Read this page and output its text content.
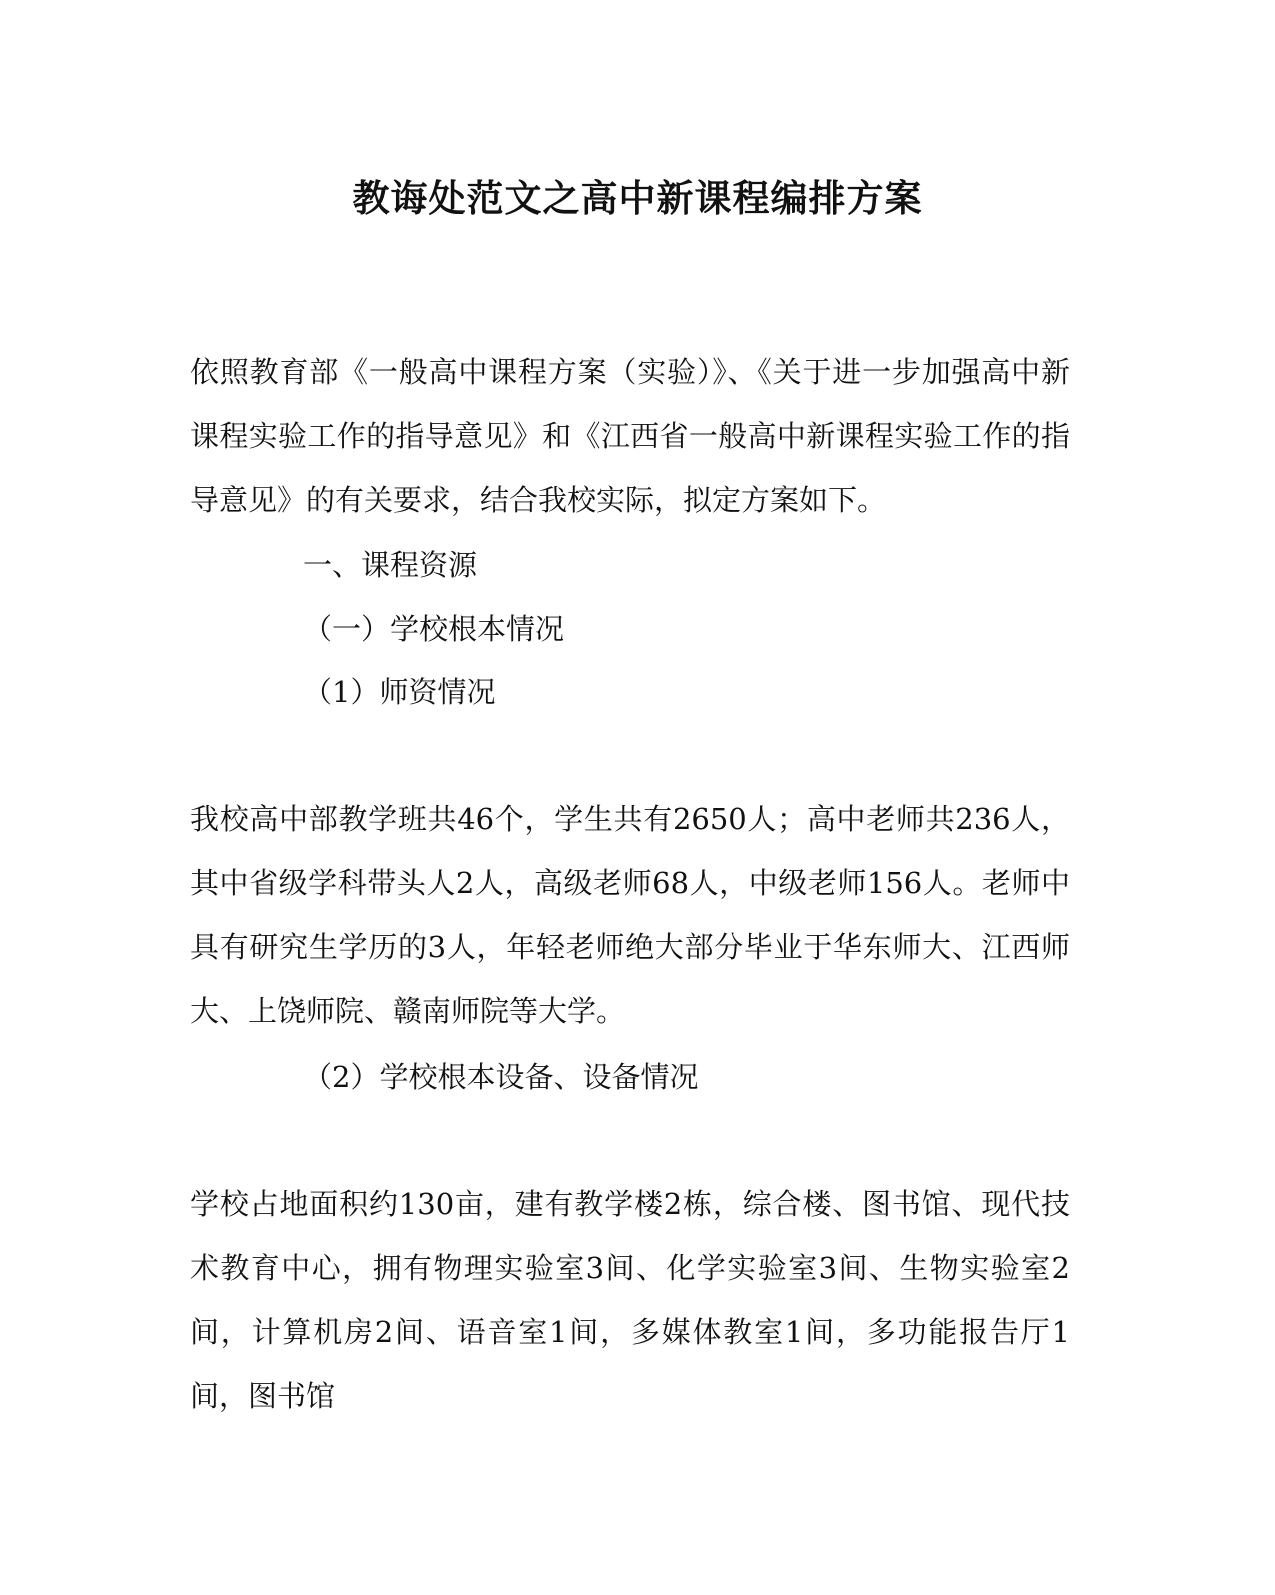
教诲处范文之高中新课程编排方案

依照教育部《一般高中课程方案（实验）》、《关于进一步加强高中新课程实验工作的指导意见》和《江西省一般高中新课程实验工作的指导意见》的有关要求，结合我校实际，拟定方案如下。

一、课程资源

（一）学校根本情况

（1）师资情况

我校高中部教学班共46个，学生共有2650人；高中老师共236人，其中省级学科带头人2人，高级老师68人，中级老师156人。老师中具有研究生学历的3人，年轻老师绝大部分毕业于华东师大、江西师大、上饶师院、赣南师院等大学。

（2）学校根本设备、设备情况

学校占地面积约130亩，建有教学楼2栋，综合楼、图书馆、现代技术教育中心，拥有物理实验室3间、化学实验室3间、生物实验室2间，计算机房2间、语音室1间，多媒体教室1间，多功能报告厅1间，图书馆
